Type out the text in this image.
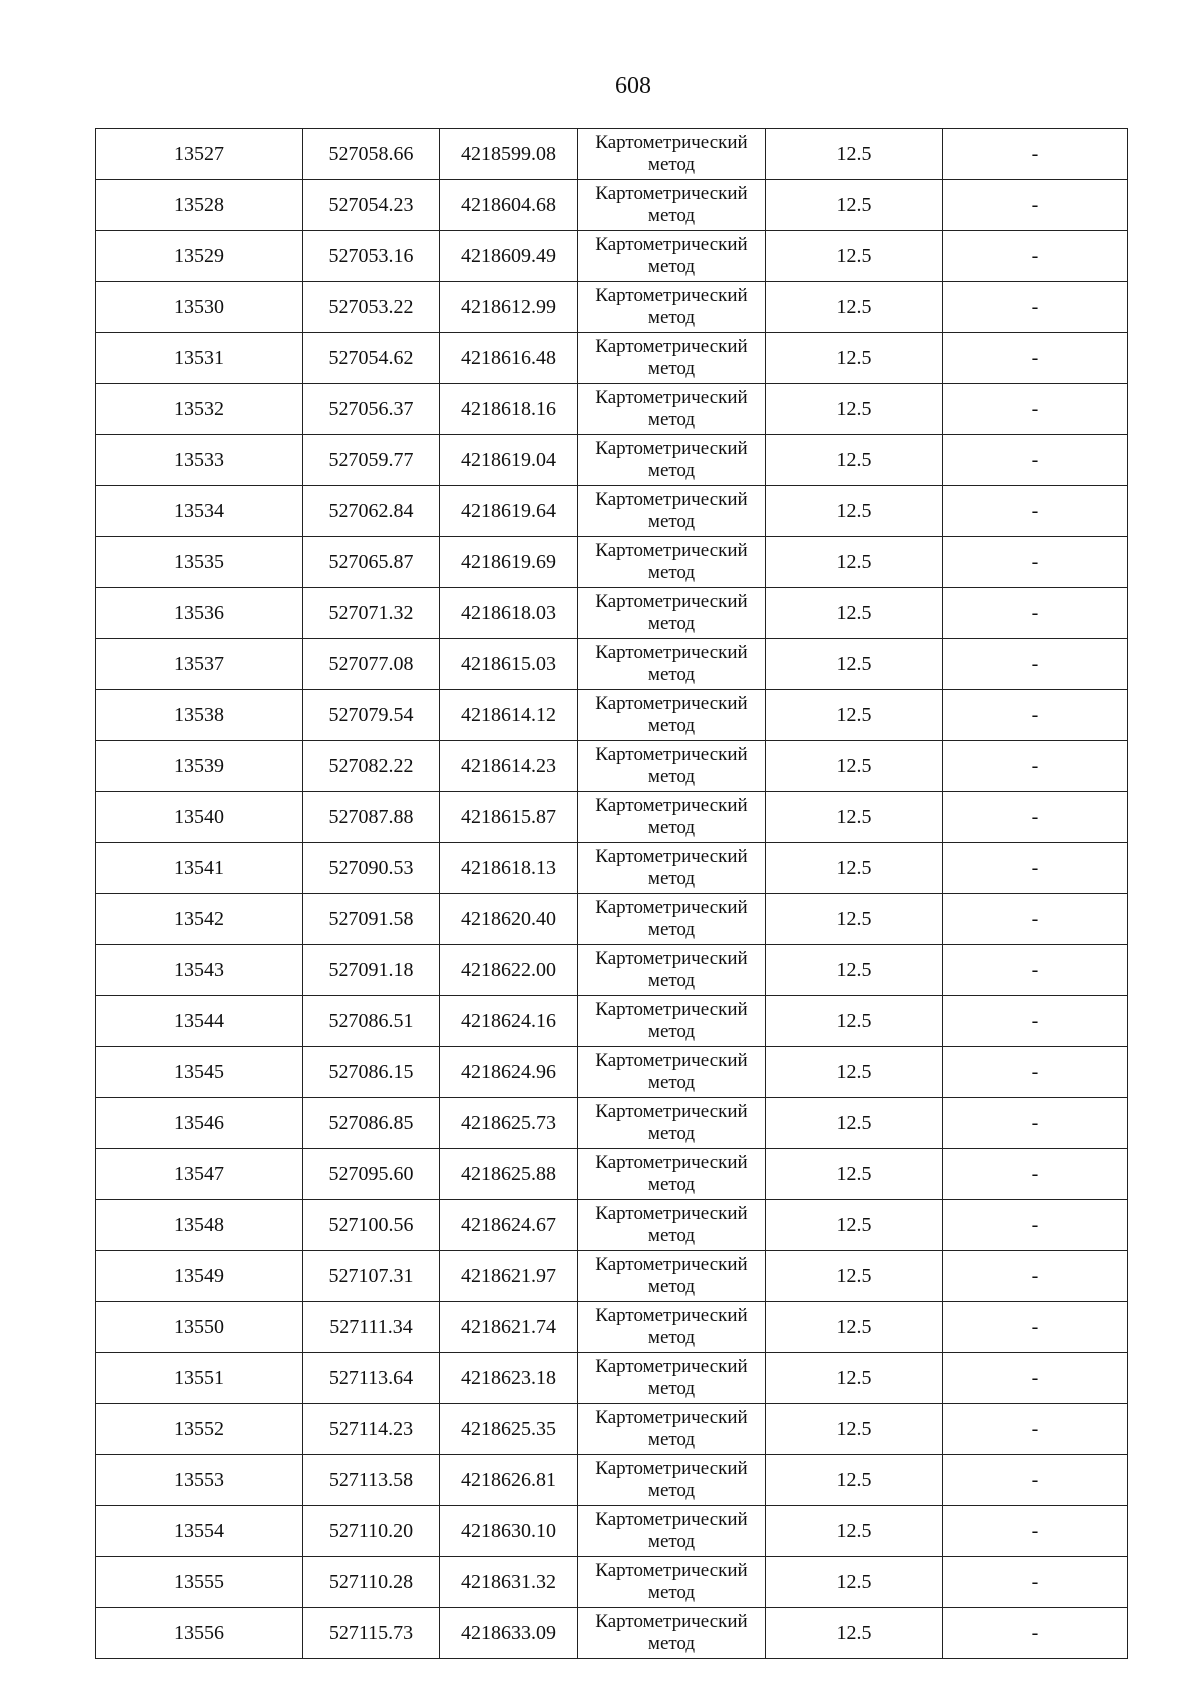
608
13527	527058.66	4218599.08	Картометрический метод	12.5	-
13528	527054.23	4218604.68	Картометрический метод	12.5	-
13529	527053.16	4218609.49	Картометрический метод	12.5	-
13530	527053.22	4218612.99	Картометрический метод	12.5	-
13531	527054.62	4218616.48	Картометрический метод	12.5	-
13532	527056.37	4218618.16	Картометрический метод	12.5	-
13533	527059.77	4218619.04	Картометрический метод	12.5	-
13534	527062.84	4218619.64	Картометрический метод	12.5	-
13535	527065.87	4218619.69	Картометрический метод	12.5	-
13536	527071.32	4218618.03	Картометрический метод	12.5	-
13537	527077.08	4218615.03	Картометрический метод	12.5	-
13538	527079.54	4218614.12	Картометрический метод	12.5	-
13539	527082.22	4218614.23	Картометрический метод	12.5	-
13540	527087.88	4218615.87	Картометрический метод	12.5	-
13541	527090.53	4218618.13	Картометрический метод	12.5	-
13542	527091.58	4218620.40	Картометрический метод	12.5	-
13543	527091.18	4218622.00	Картометрический метод	12.5	-
13544	527086.51	4218624.16	Картометрический метод	12.5	-
13545	527086.15	4218624.96	Картометрический метод	12.5	-
13546	527086.85	4218625.73	Картометрический метод	12.5	-
13547	527095.60	4218625.88	Картометрический метод	12.5	-
13548	527100.56	4218624.67	Картометрический метод	12.5	-
13549	527107.31	4218621.97	Картометрический метод	12.5	-
13550	527111.34	4218621.74	Картометрический метод	12.5	-
13551	527113.64	4218623.18	Картометрический метод	12.5	-
13552	527114.23	4218625.35	Картометрический метод	12.5	-
13553	527113.58	4218626.81	Картометрический метод	12.5	-
13554	527110.20	4218630.10	Картометрический метод	12.5	-
13555	527110.28	4218631.32	Картометрический метод	12.5	-
13556	527115.73	4218633.09	Картометрический метод	12.5	-
